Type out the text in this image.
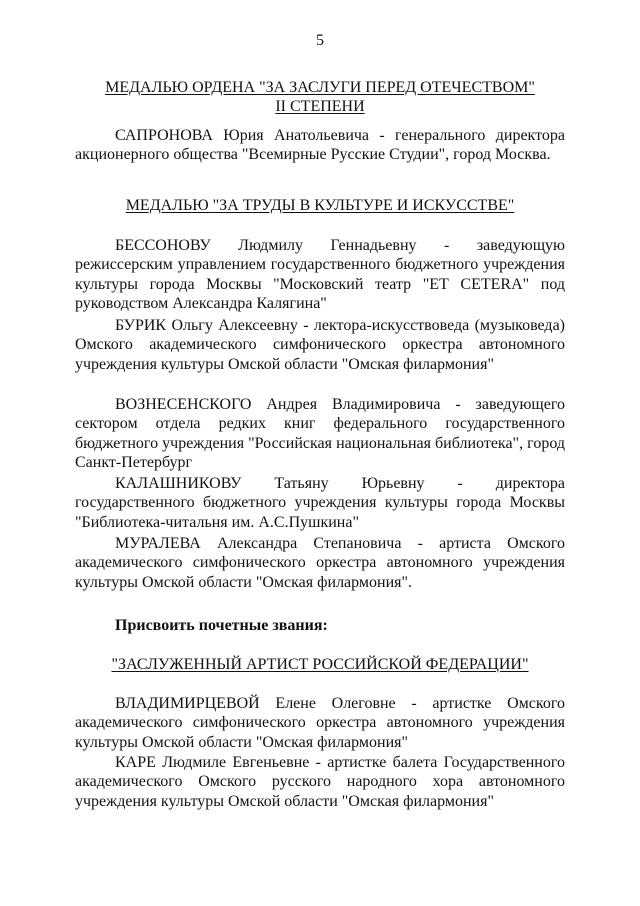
5
МЕДАЛЬЮ ОРДЕНА "ЗА ЗАСЛУГИ ПЕРЕД ОТЕЧЕСТВОМ"
II СТЕПЕНИ

САПРОНОВА Юрия Анатольевича - генерального директора акционерного общества "Всемирные Русские Студии", город Москва.

МЕДАЛЬЮ "ЗА ТРУДЫ В КУЛЬТУРЕ И ИСКУССТВЕ"

БЕССОНОВУ Людмилу Геннадьевну - заведующую режиссерским управлением государственного бюджетного учреждения культуры города Москвы "Московский театр "ЕТ CETERA" под руководством Александра Калягина"

БУРИК Ольгу Алексеевну - лектора-искусствоведа (музыковеда) Омского академического симфонического оркестра автономного учреждения культуры Омской области "Омская филармония"

ВОЗНЕСЕНСКОГО Андрея Владимировича - заведующего сектором отдела редких книг федерального государственного бюджетного учреждения "Российская национальная библиотека", город Санкт-Петербург

КАЛАШНИКОВУ Татьяну Юрьевну - директора государственного бюджетного учреждения культуры города Москвы "Библиотека-читальня им. А.С.Пушкина"

МУРАЛЕВА Александра Степановича - артиста Омского академического симфонического оркестра автономного учреждения культуры Омской области "Омская филармония".

Присвоить почетные звания:
"ЗАСЛУЖЕННЫЙ АРТИСТ РОССИЙСКОЙ ФЕДЕРАЦИИ"

ВЛАДИМИРЦЕВОЙ Елене Олеговне - артистке Омского академического симфонического оркестра автономного учреждения культуры Омской области "Омская филармония"

КАРЕ Людмиле Евгеньевне - артистке балета Государственного академического Омского русского народного хора автономного учреждения культуры Омской области "Омская филармония"
